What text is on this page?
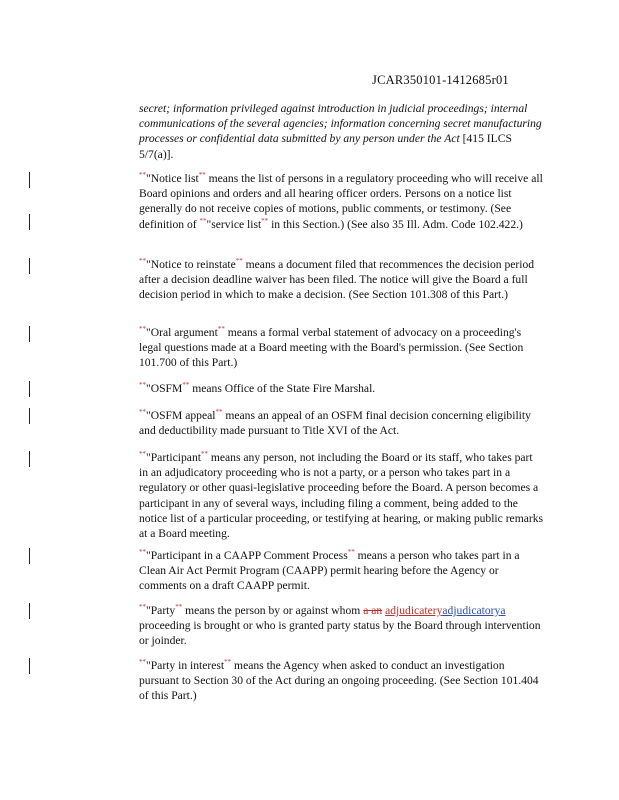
JCAR350101-1412685r01
secret; information privileged against introduction in judicial proceedings; internal communications of the several agencies; information concerning secret manufacturing processes or confidential data submitted by any person under the Act [415 ILCS 5/7(a)].
**"Notice list** means the list of persons in a regulatory proceeding who will receive all Board opinions and orders and all hearing officer orders. Persons on a notice list generally do not receive copies of motions, public comments, or testimony. (See definition of **"service list** in this Section.) (See also 35 Ill. Adm. Code 102.422.)
**"Notice to reinstate** means a document filed that recommences the decision period after a decision deadline waiver has been filed. The notice will give the Board a full decision period in which to make a decision. (See Section 101.308 of this Part.)
**"Oral argument** means a formal verbal statement of advocacy on a proceeding's legal questions made at a Board meeting with the Board's permission. (See Section 101.700 of this Part.)
**"OSFM** means Office of the State Fire Marshal.
**"OSFM appeal** means an appeal of an OSFM final decision concerning eligibility and deductibility made pursuant to Title XVI of the Act.
**"Participant** means any person, not including the Board or its staff, who takes part in an adjudicatory proceeding who is not a party, or a person who takes part in a regulatory or other quasi-legislative proceeding before the Board. A person becomes a participant in any of several ways, including filing a comment, being added to the notice list of a particular proceeding, or testifying at hearing, or making public remarks at a Board meeting.
**"Participant in a CAAPP Comment Process** means a person who takes part in a Clean Air Act Permit Program (CAAPP) permit hearing before the Agency or comments on a draft CAAPP permit.
**"Party** means the person by or against whom a an adjudicateryadjudicatorya proceeding is brought or who is granted party status by the Board through intervention or joinder.
**"Party in interest** means the Agency when asked to conduct an investigation pursuant to Section 30 of the Act during an ongoing proceeding. (See Section 101.404 of this Part.)
